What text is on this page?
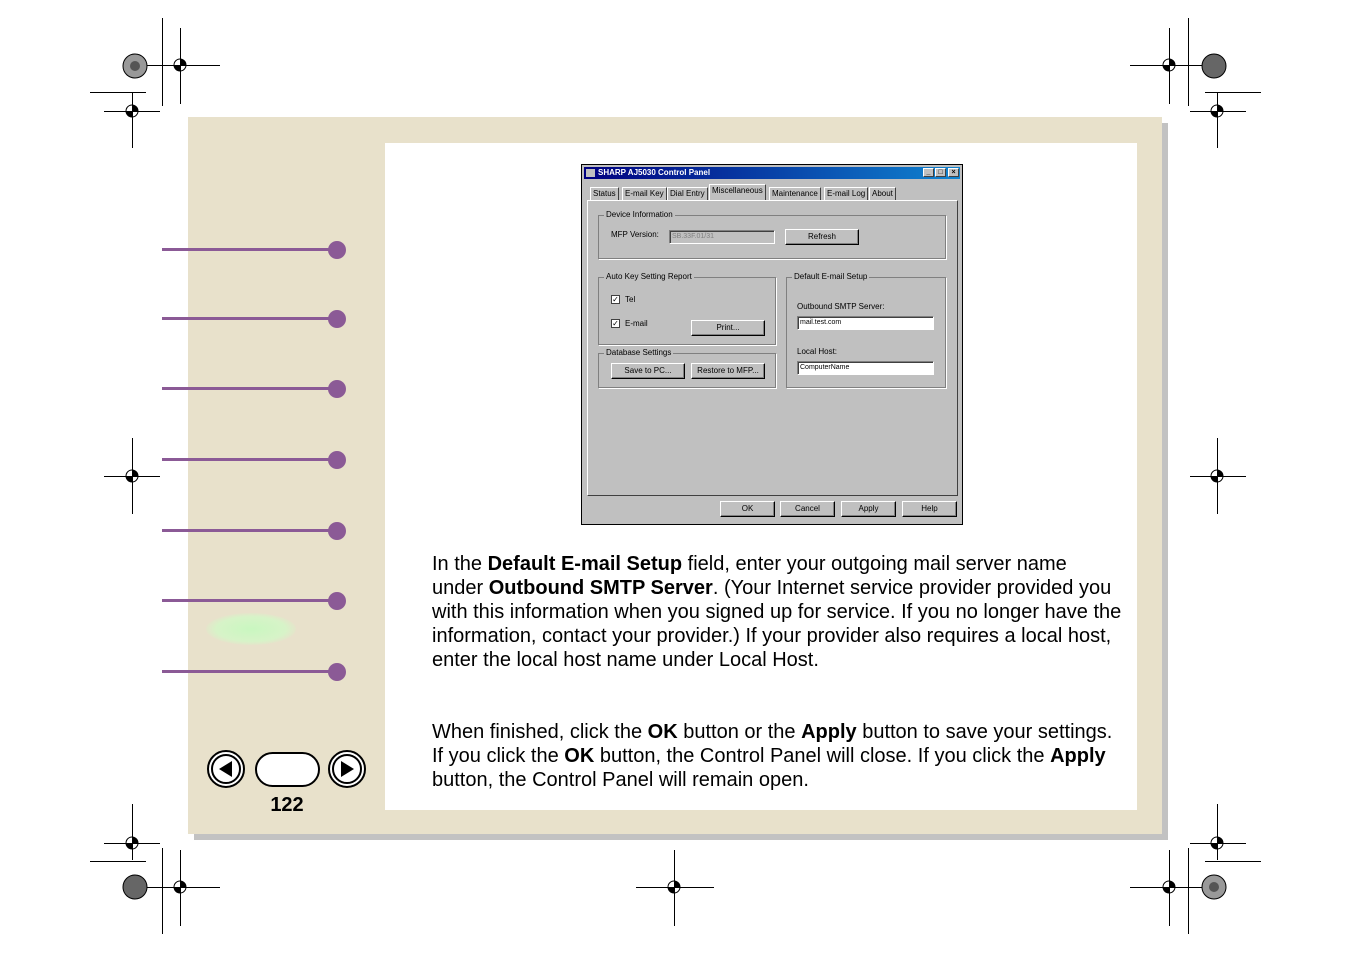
122
SHARP AJ5030 Control Panel	_	□	×
Status	E-mail Key Dial Entry Miscellaneous	Maintenance	E-mail Log About
Device Information
MFP Version:	SB.33F.01/31	Refresh
Auto Key Setting Report
✓ Tel
✓ E-mail	Print...
Database Settings
Save to PC...	Restore to MFP...
Default E-mail Setup
Outbound SMTP Server:
mail.test.com
Local Host:
ComputerName
OK	Cancel	Apply	Help
In the Default E-mail Setup field, enter your outgoing mail server name under Outbound SMTP Server. (Your Internet service provider provided you with this information when you signed up for service. If you no longer have the information, contact your provider.) If your provider also requires a local host, enter the local host name under Local Host.
When finished, click the OK button or the Apply button to save your settings. If you click the OK button, the Control Panel will close. If you click the Apply button, the Control Panel will remain open.
